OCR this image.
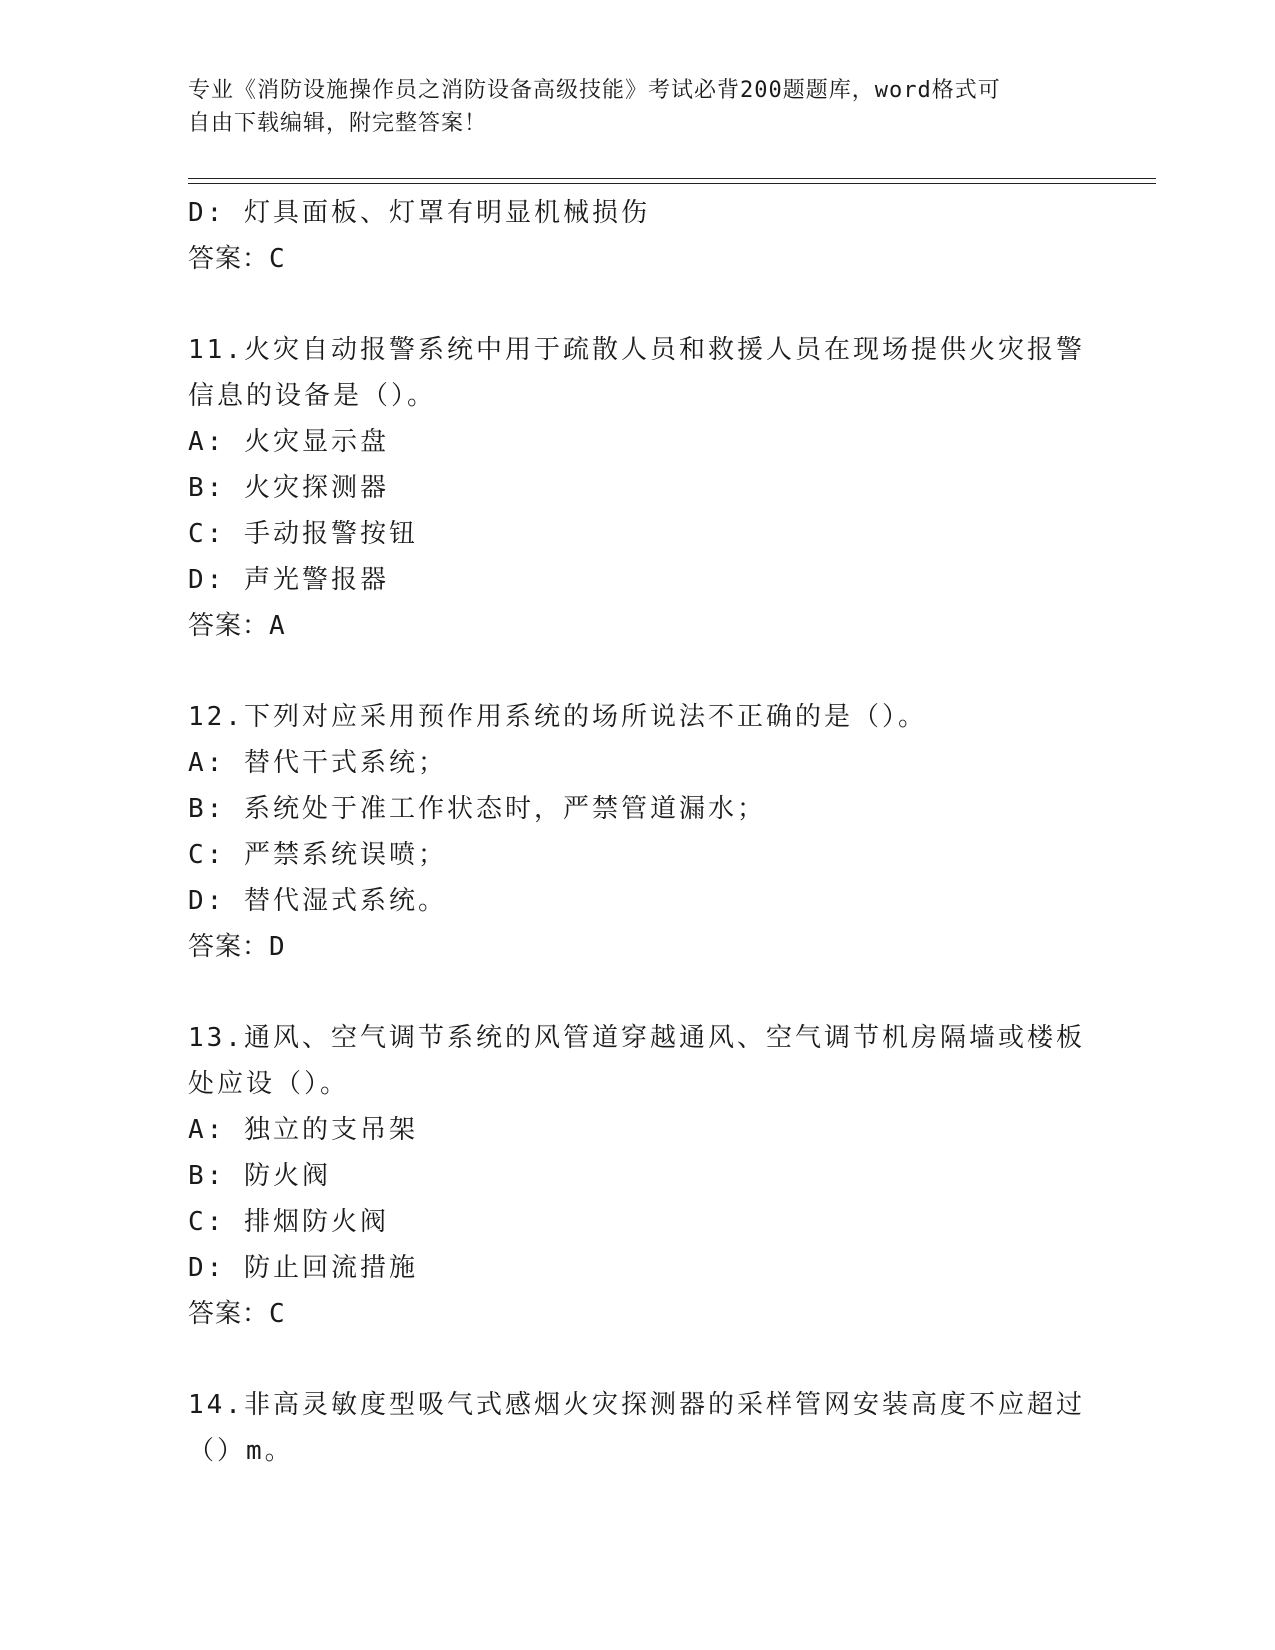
专业《消防设施操作员之消防设备高级技能》考试必背200题题库，word格式可
自由下载编辑，附完整答案！
D: 灯具面板、灯罩有明显机械损伤
答案：C
11.火灾自动报警系统中用于疏散人员和救援人员在现场提供火灾报警
信息的设备是（）。
A: 火灾显示盘
B: 火灾探测器
C: 手动报警按钮
D: 声光警报器
答案：A
12.下列对应采用预作用系统的场所说法不正确的是（）。
A: 替代干式系统；
B: 系统处于准工作状态时，严禁管道漏水；
C: 严禁系统误喷；
D: 替代湿式系统。
答案：D
13.通风、空气调节系统的风管道穿越通风、空气调节机房隔墙或楼板
处应设（）。
A: 独立的支吊架
B: 防火阀
C: 排烟防火阀
D: 防止回流措施
答案：C
14.非高灵敏度型吸气式感烟火灾探测器的采样管网安装高度不应超过
（）m。
